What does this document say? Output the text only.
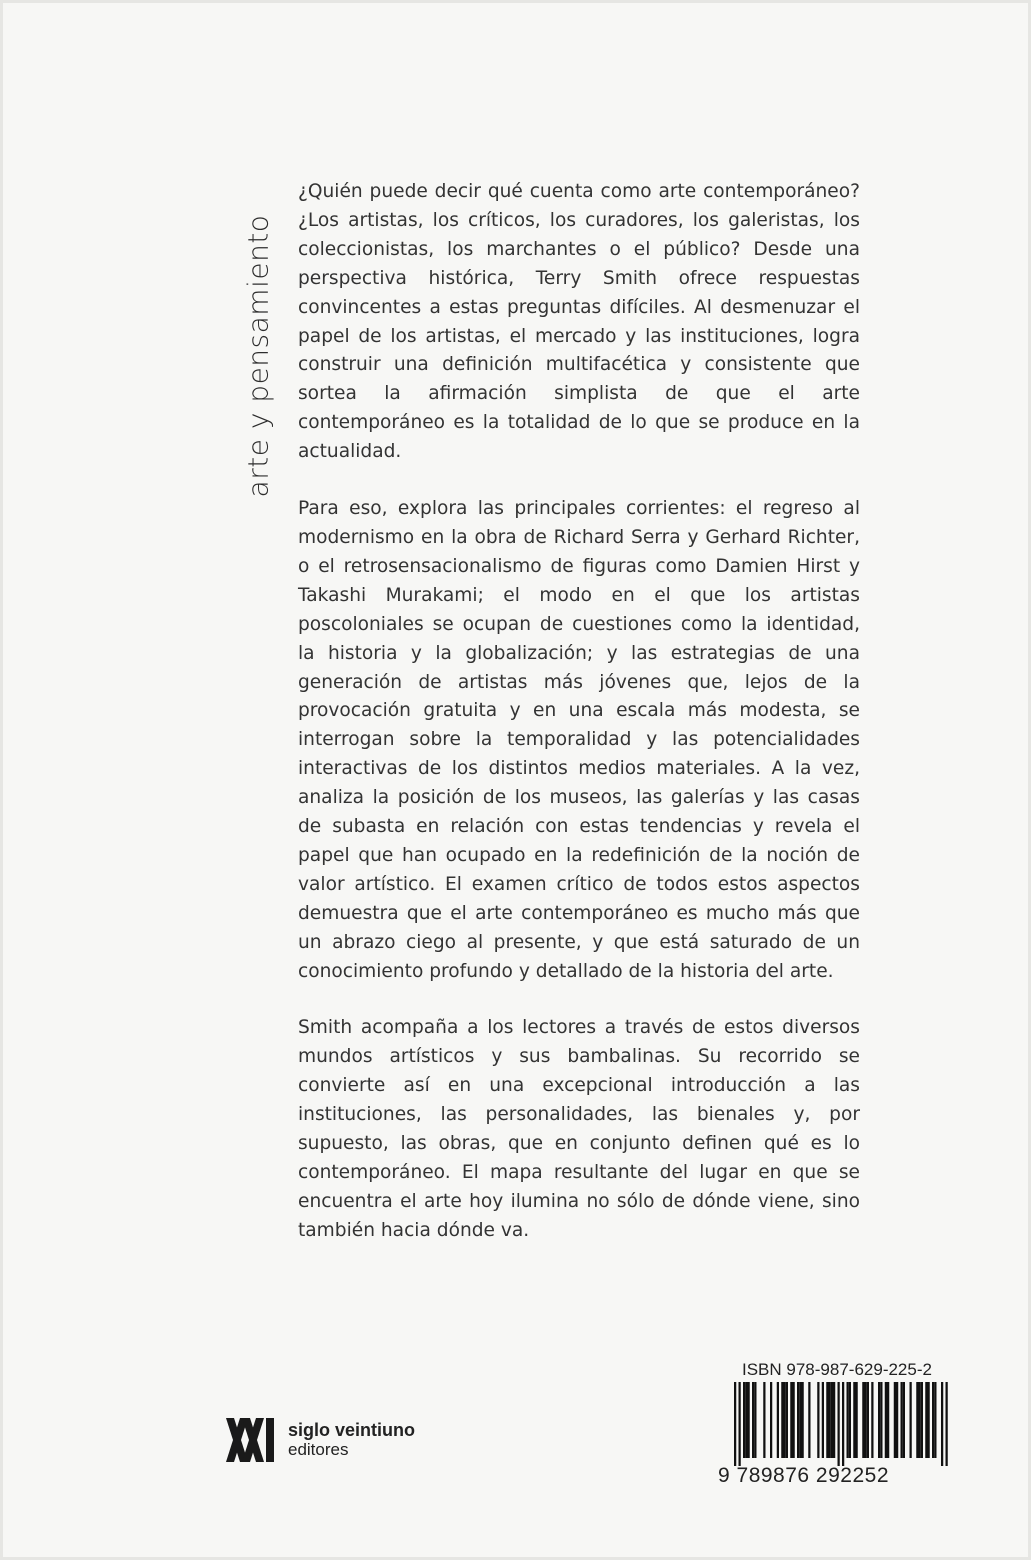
arte y pensamiento

¿Quién puede decir qué cuenta como arte contemporáneo? ¿Los artistas, los críticos, los curadores, los galeristas, los coleccionistas, los marchantes o el público? Desde una perspectiva histórica, Terry Smith ofrece respuestas convincentes a estas preguntas difíciles. Al desmenuzar el papel de los artistas, el mercado y las instituciones, logra construir una definición multifacética y consistente que sortea la afirmación simplista de que el arte contemporáneo es la totalidad de lo que se produce en la actualidad.

Para eso, explora las principales corrientes: el regreso al modernismo en la obra de Richard Serra y Gerhard Richter, o el retrosensacionalismo de figuras como Damien Hirst y Takashi Murakami; el modo en el que los artistas poscoloniales se ocupan de cuestiones como la identidad, la historia y la globalización; y las estrategias de una generación de artistas más jóvenes que, lejos de la provocación gratuita y en una escala más modesta, se interrogan sobre la temporalidad y las potencialidades interactivas de los distintos medios materiales. A la vez, analiza la posición de los museos, las galerías y las casas de subasta en relación con estas tendencias y revela el papel que han ocupado en la redefinición de la noción de valor artístico. El examen crítico de todos estos aspectos demuestra que el arte contemporáneo es mucho más que un abrazo ciego al presente, y que está saturado de un conocimiento profundo y detallado de la historia del arte.

Smith acompaña a los lectores a través de estos diversos mundos artísticos y sus bambalinas. Su recorrido se convierte así en una excepcional introducción a las instituciones, las personalidades, las bienales y, por supuesto, las obras, que en conjunto definen qué es lo contemporáneo. El mapa resultante del lugar en que se encuentra el arte hoy ilumina no sólo de dónde viene, sino también hacia dónde va.

siglo veintiuno
editores
ISBN 978-987-629-225-2
9 789876 292252
